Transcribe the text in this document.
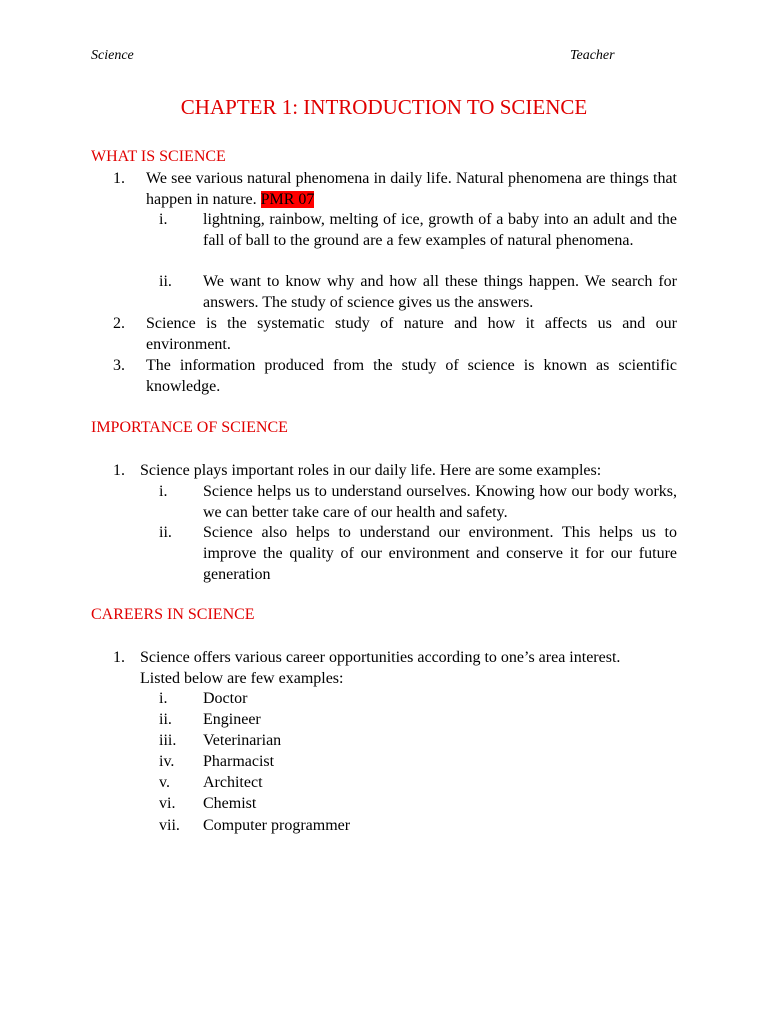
Science	Teacher
CHAPTER 1: INTRODUCTION TO SCIENCE
WHAT IS SCIENCE
1. We see various natural phenomena in daily life. Natural phenomena are things that happen in nature. PMR 07
i. lightning, rainbow, melting of ice, growth of a baby into an adult and the fall of ball to the ground are a few examples of natural phenomena.
ii. We want to know why and how all these things happen. We search for answers. The study of science gives us the answers.
2. Science is the systematic study of nature and how it affects us and our environment.
3. The information produced from the study of science is known as scientific knowledge.
IMPORTANCE OF SCIENCE
1. Science plays important roles in our daily life. Here are some examples:
i. Science helps us to understand ourselves. Knowing how our body works, we can better take care of our health and safety.
ii. Science also helps to understand our environment. This helps us to improve the quality of our environment and conserve it for our future generation
CAREERS IN SCIENCE
1. Science offers various career opportunities according to one’s area interest.
Listed below are few examples:
i. Doctor
ii. Engineer
iii. Veterinarian
iv. Pharmacist
v. Architect
vi. Chemist
vii. Computer programmer
